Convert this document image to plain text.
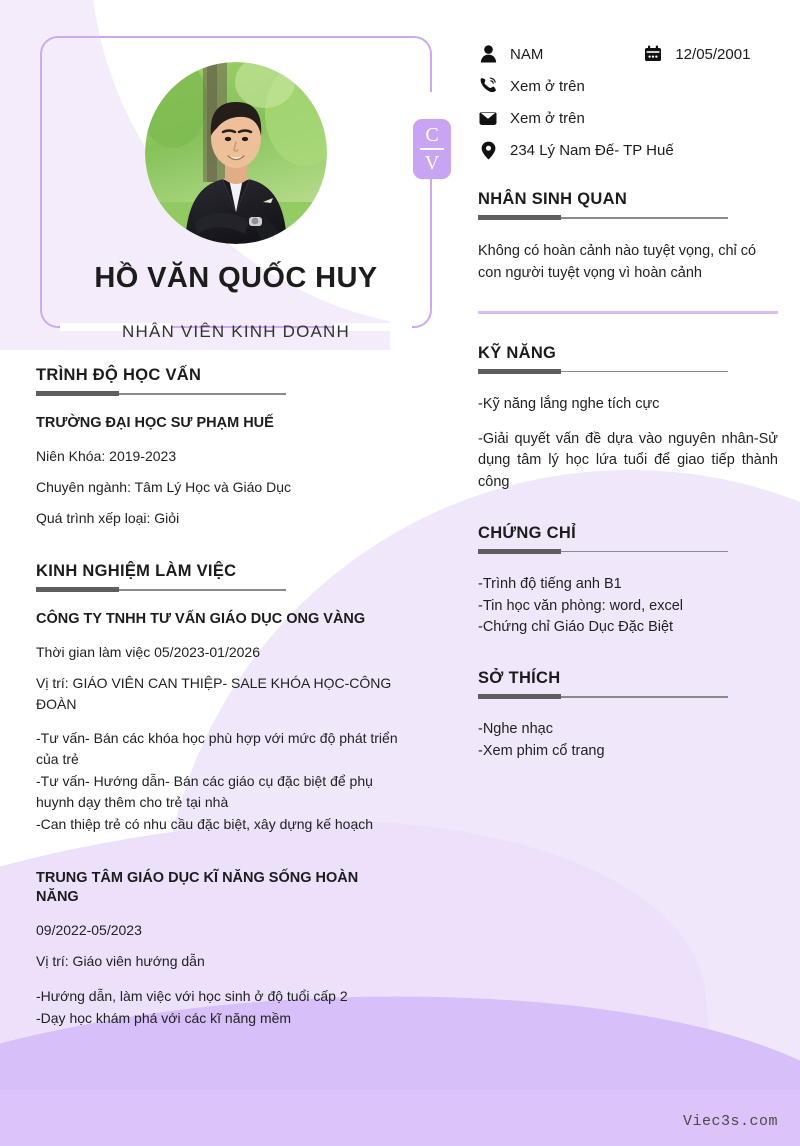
HỒ VĂN QUỐC HUY
NHÂN VIÊN KINH DOANH
C
V
TRÌNH ĐỘ HỌC VẤN
TRƯỜNG ĐẠI HỌC SƯ PHẠM HUẾ
Niên Khóa: 2019-2023
Chuyên ngành: Tâm Lý Học và Giáo Dục
Quá trình xếp loại: Giỏi
KINH NGHIỆM LÀM VIỆC
CÔNG TY TNHH TƯ VẤN GIÁO DỤC ONG VÀNG
Thời gian làm việc 05/2023-01/2026
Vị trí: GIÁO VIÊN CAN THIỆP- SALE KHÓA HỌC-CÔNG ĐOÀN
-Tư vấn- Bán các khóa học phù hợp với mức độ phát triển của trẻ
-Tư vấn- Hướng dẫn- Bán các giáo cụ đặc biệt để phụ huynh dạy thêm cho trẻ tại nhà
-Can thiệp trẻ có nhu cầu đặc biệt, xây dựng kế hoạch
TRUNG TÂM GIÁO DỤC KĨ NĂNG SỐNG HOÀN NĂNG
09/2022-05/2023
Vị trí: Giáo viên hướng dẫn
-Hướng dẫn, làm việc với học sinh ở độ tuổi cấp 2
-Dạy học khám phá với các kĩ năng mềm
NAM	12/05/2001
Xem ở trên
Xem ở trên
234 Lý Nam Đế- TP Huế
NHÂN SINH QUAN
Không có hoàn cảnh nào tuyệt vọng, chỉ có con người tuyệt vọng vì hoàn cảnh
KỸ NĂNG
-Kỹ năng lắng nghe tích cực
-Giải quyết vấn đề dựa vào nguyên nhân-Sử dụng tâm lý học lứa tuổi để giao tiếp thành công
CHỨNG CHỈ
-Trình độ tiếng anh B1
-Tin học văn phòng: word, excel
-Chứng chỉ Giáo Dục Đặc Biệt
SỞ THÍCH
-Nghe nhạc
-Xem phim cổ trang
Viec3s.com
